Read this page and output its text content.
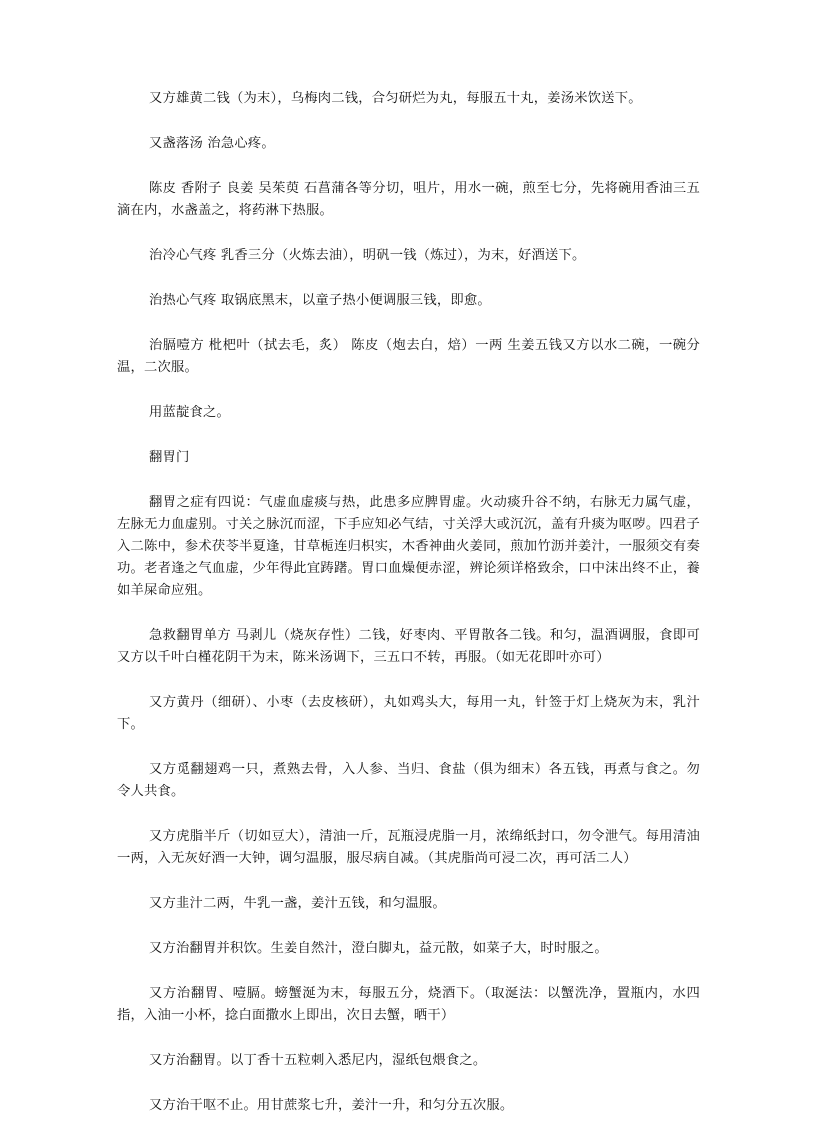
又方雄黄二钱（为末），乌梅肉二钱，合匀研烂为丸，每服五十丸，姜汤米饮送下。

又盏落汤 治急心疼。

陈皮 香附子 良姜 吴茱萸 石菖蒲各等分切，咀片，用水一碗，煎至七分，先将碗用香油三五滴在内，水盏盖之，将药淋下热服。

治冷心气疼 乳香三分（火炼去油），明矾一钱（炼过），为末，好酒送下。

治热心气疼 取锅底黑末，以童子热小便调服三钱，即愈。

治膈噎方 枇杷叶（拭去毛，炙） 陈皮（炮去白，焙）一两 生姜五钱又方以水二碗，一碗分温，二次服。

用蓝靛食之。

翻胃门

翻胃之症有四说：气虚血虚痰与热，此患多应脾胃虚。火动痰升谷不纳，右脉无力属气虚，左脉无力血虚别。寸关之脉沉而涩，下手应知必气结，寸关浮大或沉沉，盖有升痰为呕哕。四君子入二陈中，参术茯苓半夏逢，甘草栀连归枳实，木香神曲火姜同，煎加竹沥并姜汁，一服须交有奏功。老者逢之气血虚，少年得此宜踌躇。胃口血燥便赤涩，辨论须详格致余，口中沫出终不止，養如羊屎命应殂。

急救翻胃单方 马剥儿（烧灰存性）二钱，好枣肉、平胃散各二钱。和匀，温酒调服，食即可又方以千叶白槿花阴干为末，陈米汤调下，三五口不转，再服。（如无花即叶亦可）

又方黄丹（细研）、小枣（去皮核研），丸如鸡头大，每用一丸，针签于灯上烧灰为末，乳汁下。

又方觅翻翅鸡一只，煮熟去骨，入人参、当归、食盐（俱为细末）各五钱，再煮与食之。勿令人共食。

又方虎脂半斤（切如豆大），清油一斤，瓦瓶浸虎脂一月，浓绵纸封口，勿令泄气。每用清油一两，入无灰好酒一大钟，调匀温服，服尽病自减。（其虎脂尚可浸二次，再可活二人）

又方韭汁二两，牛乳一盏，姜汁五钱，和匀温服。

又方治翻胃并积饮。生姜自然汁，澄白脚丸，益元散，如菜子大，时时服之。

又方治翻胃、噎膈。螃蟹涎为末，每服五分，烧酒下。（取涎法：以蟹洗净，置瓶内，水四指，入油一小杯，捻白面撒水上即出，次日去蟹，晒干）

又方治翻胃。以丁香十五粒刺入悉尼内，湿纸包煨食之。

又方治干呕不止。用甘蔗浆七升，姜汁一升，和匀分五次服。
